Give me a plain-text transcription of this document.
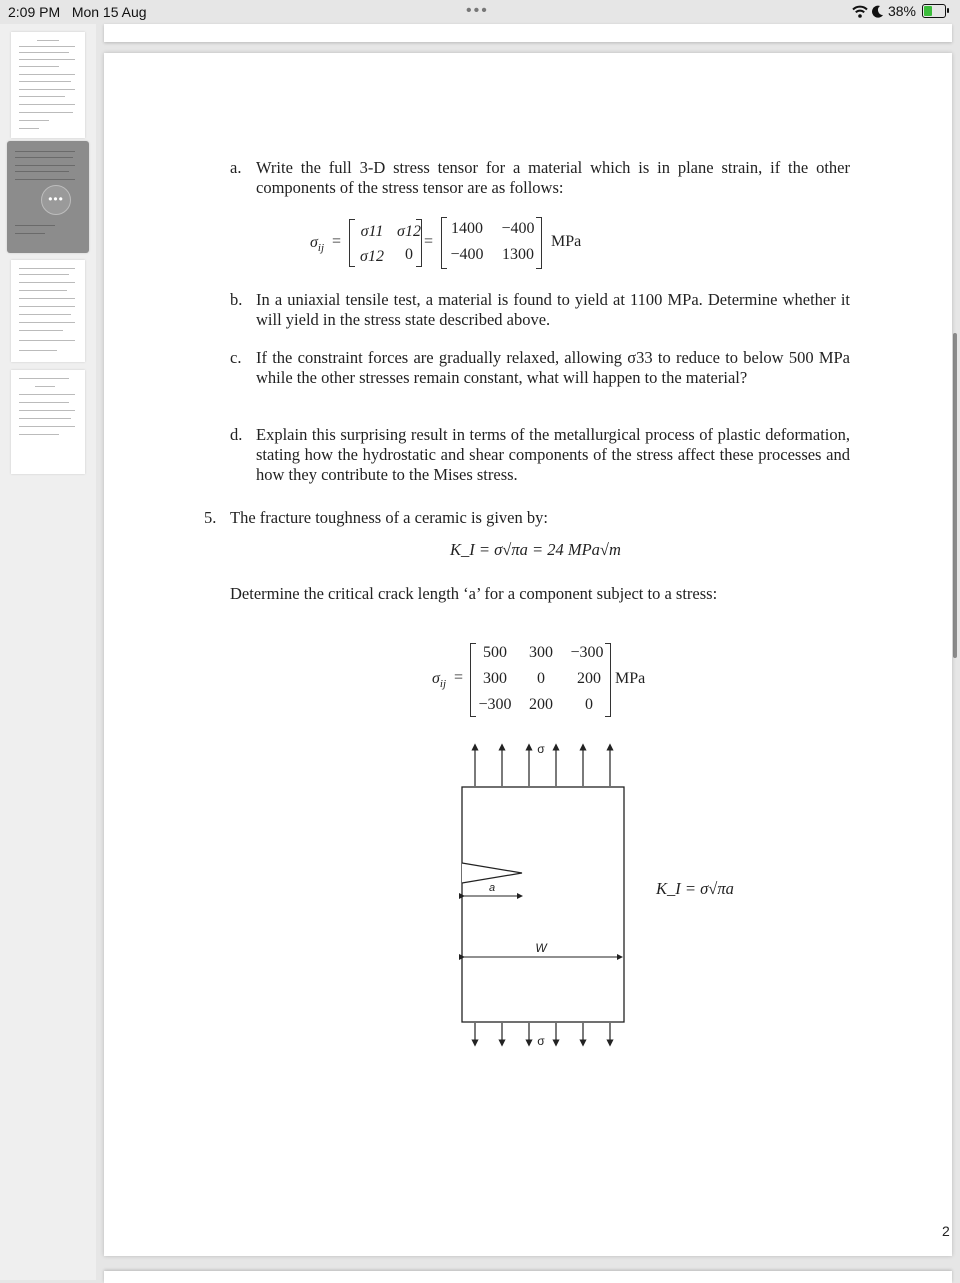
2:09 PM Mon 15 Aug	•••	38%
•••
a. Write the full 3-D stress tensor for a material which is in plane strain, if the other components of the stress tensor are as follows:
$\sigma_{ij}$ =
σ11 σ12
σ12	0
=
1400	−400
−400	1300
MPa
b. In a uniaxial tensile test, a material is found to yield at 1100 MPa. Determine whether it will yield in the stress state described above.
c. If the constraint forces are gradually relaxed, allowing σ33 to reduce to below 500 MPa while the other stresses remain constant, what will happen to the material?
d. Explain this surprising result in terms of the metallurgical process of plastic deformation, stating how the hydrostatic and shear components of the stress affect these processes and how they contribute to the Mises stress.
5. The fracture toughness of a ceramic is given by:
K_I = σ√πa = 24 MPa√m
Determine the critical crack length ‘a’ for a component subject to a stress:
$\sigma_{ij}$ =
500	300	−300
300	0	200
−300	200	0
MPa
σ
σ
a
W
K_I = σ√πa
2
